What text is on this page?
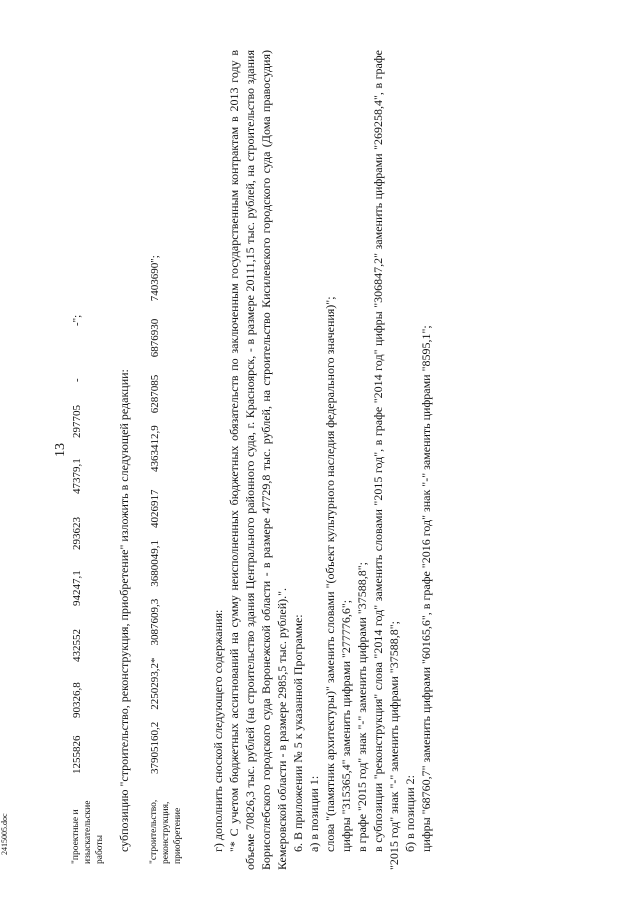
13
2415005.doc	"проектные и изыскательские работы
1255826
90326,8
432552
94247,1
293623
47379,1
297705
-
-";

субпозицию "строительство, реконструкция, приобретение" изложить в следующей редакции: "строительство, реконструкция, приобретение
37905160,2
2250293,2*
3087609,3
3680049,1
4026917
4363412,9
6287085
6876930
7403690";

г) дополнить сноской следующего содержания: "* С учетом бюджетных ассигнований на сумму неисполненных бюджетных обязательств по заключенным государственным контрактам в 2013 году в объеме 70826,3 тыс. рублей (на строительство здания Центрального районного суда, г. Красноярск, - в размере 20111,15 тыс. рублей, на строительство здания Борисоглебского городского суда Воронежской области - в размере 47729,8 тыс. рублей, на строительство Кисилевского городского суда (Дома правосудия) Кемеровской области - в размере 2985,5 тыс. рублей).". 6. В приложении № 5 к указанной Программе: а) в позиции 1: слова "(памятник архитектуры)" заменить словами "(объект культурного наследия федерального значения)"; цифры "315365,4" заменить цифрами "277776,6"; в графе "2015 год" знак "-" заменить цифрами "37588,8"; в субпозиции "реконструкция" слова "2014 год" заменить словами "2015 год", в графе "2014 год" цифры "306847,2" заменить цифрами "269258,4", в графе "2015 год" знак "-" заменить цифрами "37588,8"; б) в позиции 2: цифры "68760,7" заменить цифрами "60165,6", в графе "2016 год" знак "-" заменить цифрами "8595,1";
